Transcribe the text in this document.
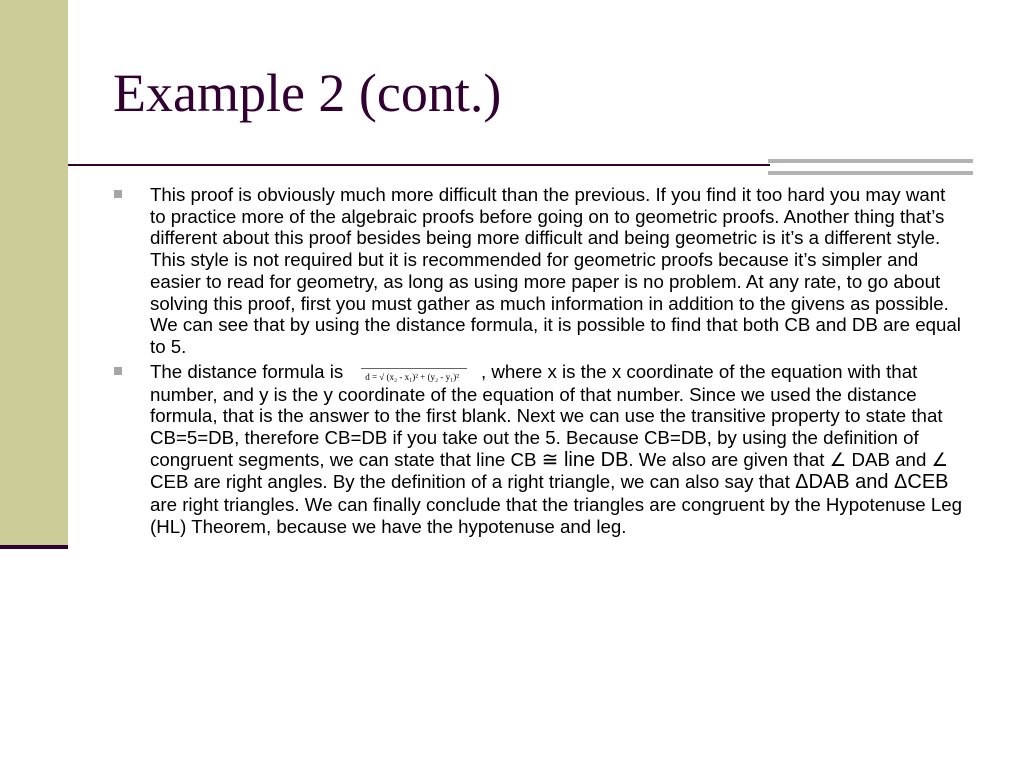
Example 2 (cont.)

This proof is obviously much more difficult than the previous. If you find it too hard you may want to practice more of the algebraic proofs before going on to geometric proofs. Another thing that’s different about this proof besides being more difficult and being geometric is it’s a different style. This style is not required but it is recommended for geometric proofs because it’s simpler and easier to read for geometry, as long as using more paper is no problem. At any rate, to go about solving this proof, first you must gather as much information in addition to the givens as possible. We can see that by using the distance formula, it is possible to find that both CB and DB are equal to 5.

The distance formula is d = √ (x₂ - x₁)² + (y₂ - y₁)² , where x is the x coordinate of the equation with that number, and y is the y coordinate of the equation of that number. Since we used the distance formula, that is the answer to the first blank. Next we can use the transitive property to state that CB=5=DB, therefore CB=DB if you take out the 5. Because CB=DB, by using the definition of congruent segments, we can state that line CB ≅ line DB. We also are given that ∠ DAB and ∠ CEB are right angles. By the definition of a right triangle, we can also say that ΔDAB and ΔCEB are right triangles. We can finally conclude that the triangles are congruent by the Hypotenuse Leg (HL) Theorem, because we have the hypotenuse and leg.
